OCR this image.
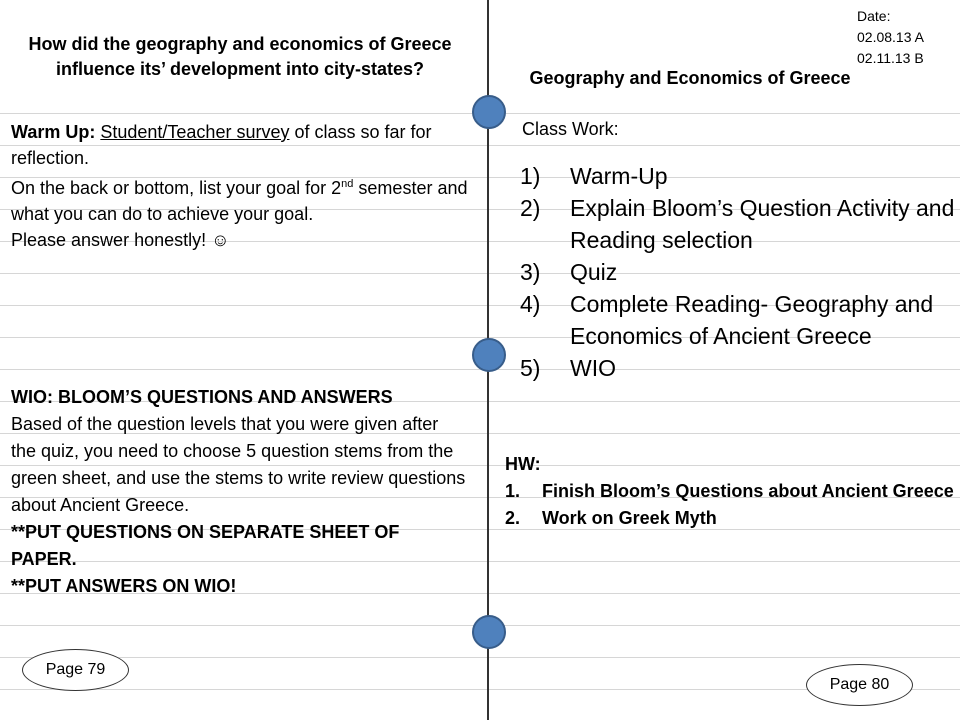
Date:
02.08.13 A
02.11.13 B
How did the geography and economics of Greece influence its’ development into city-states?
Warm Up: Student/Teacher survey of class so far for reflection.
On the back or bottom, list your goal for 2nd semester and what you can do to achieve your goal.
Please answer honestly! ☺
WIO: BLOOM’S QUESTIONS AND ANSWERS
Based of the question levels that you were given after the quiz, you need to choose 5 question stems from the green sheet, and use the stems to write review questions about Ancient Greece.
**PUT QUESTIONS ON SEPARATE SHEET OF PAPER.
**PUT ANSWERS ON WIO!
Page 79
Geography and Economics of Greece
Class Work:
1)	Warm-Up
2)	Explain Bloom’s Question Activity and Reading selection
3)	Quiz
4)	Complete Reading- Geography and Economics of Ancient Greece
5)	WIO
HW:
1.	Finish Bloom’s Questions about Ancient Greece
2.	Work on Greek Myth
Page 80
